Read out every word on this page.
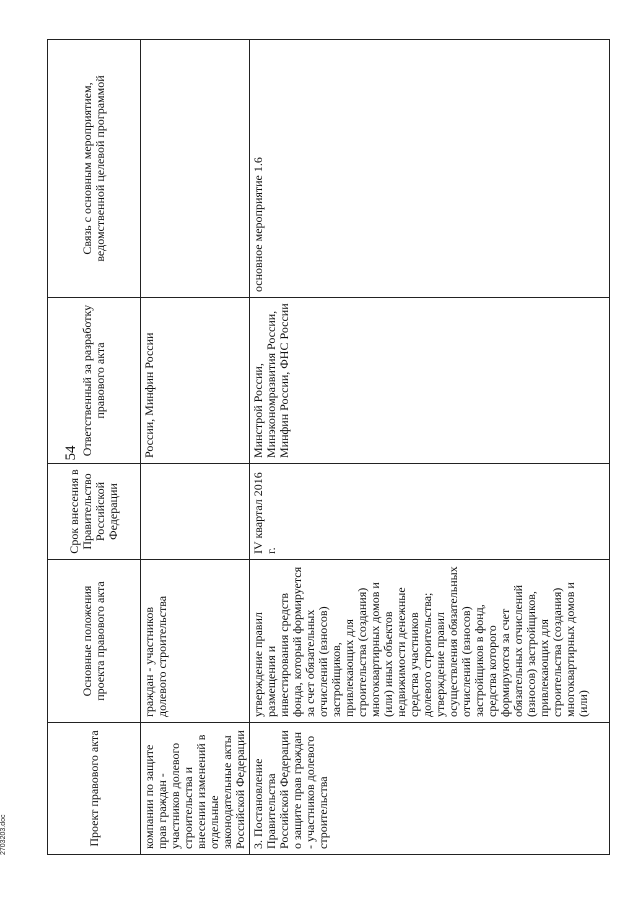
54
Проект правового акта	Основные положения проекта правового акта	Срок внесения в Правительство Российской Федерации	Ответственный за разработку правового акта	Связь с основным мероприятием, ведомственной целевой программой
компании по защите прав граждан - участников долевого строительства и внесении изменений в отдельные законодательные акты Российской Федерации	граждан - участников долевого строительства		России, Минфин России	
3. Постановление Правительства Российской Федерации о защите прав граждан - участников долевого строительства	утверждение правил размещения и инвестирования средств фонда, который формируется за счет обязательных отчислений (взносов) застройщиков, привлекающих для строительства (создания) многоквартирных домов и (или) иных объектов недвижимости денежные средства участников долевого строительства; утверждение правил осуществления обязательных отчислений (взносов) застройщиков в фонд, средства которого формируются за счет обязательных отчислений (взносов) застройщиков, привлекающих для строительства (создания) многоквартирных домов и (или)	IV квартал 2016 г.	Минстрой России, Минэкономразвития России, Минфин России, ФНС России	основное мероприятие 1.6
2703203.doc
